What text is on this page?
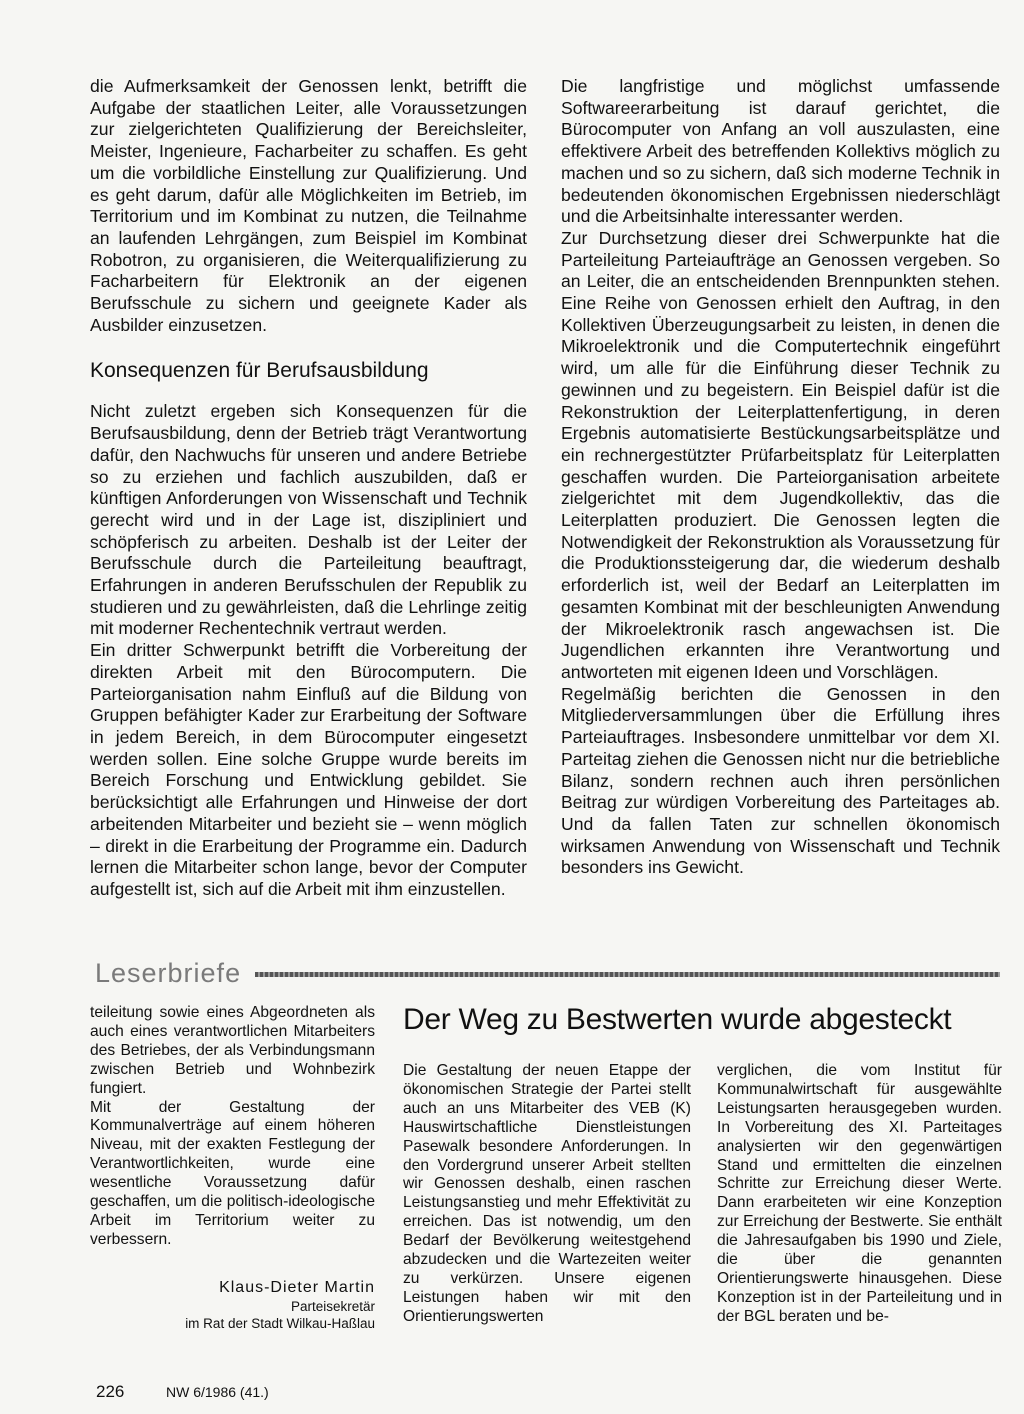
die Aufmerksamkeit der Genossen lenkt, betrifft die Aufgabe der staatlichen Leiter, alle Voraussetzungen zur zielgerichteten Qualifizierung der Bereichsleiter, Meister, Ingenieure, Facharbeiter zu schaffen. Es geht um die vorbildliche Einstellung zur Qualifizierung. Und es geht darum, dafür alle Möglichkeiten im Betrieb, im Territorium und im Kombinat zu nutzen, die Teilnahme an laufenden Lehrgängen, zum Beispiel im Kombinat Robotron, zu organisieren, die Weiterqualifizierung zu Facharbeitern für Elektronik an der eigenen Berufsschule zu sichern und geeignete Kader als Ausbilder einzusetzen.

Konsequenzen für Berufsausbildung

Nicht zuletzt ergeben sich Konsequenzen für die Berufsausbildung, denn der Betrieb trägt Verantwortung dafür, den Nachwuchs für unseren und andere Betriebe so zu erziehen und fachlich auszubilden, daß er künftigen Anforderungen von Wissenschaft und Technik gerecht wird und in der Lage ist, diszipliniert und schöpferisch zu arbeiten. Deshalb ist der Leiter der Berufsschule durch die Parteileitung beauftragt, Erfahrungen in anderen Berufsschulen der Republik zu studieren und zu gewährleisten, daß die Lehrlinge zeitig mit moderner Rechentechnik vertraut werden.

Ein dritter Schwerpunkt betrifft die Vorbereitung der direkten Arbeit mit den Bürocomputern. Die Parteiorganisation nahm Einfluß auf die Bildung von Gruppen befähigter Kader zur Erarbeitung der Software in jedem Bereich, in dem Bürocomputer eingesetzt werden sollen. Eine solche Gruppe wurde bereits im Bereich Forschung und Entwicklung gebildet. Sie berücksichtigt alle Erfahrungen und Hinweise der dort arbeitenden Mitarbeiter und bezieht sie – wenn möglich – direkt in die Erarbeitung der Programme ein. Dadurch lernen die Mitarbeiter schon lange, bevor der Computer aufgestellt ist, sich auf die Arbeit mit ihm einzustellen.

Die langfristige und möglichst umfassende Softwareerarbeitung ist darauf gerichtet, die Bürocomputer von Anfang an voll auszulasten, eine effektivere Arbeit des betreffenden Kollektivs möglich zu machen und so zu sichern, daß sich moderne Technik in bedeutenden ökonomischen Ergebnissen niederschlägt und die Arbeitsinhalte interessanter werden.

Zur Durchsetzung dieser drei Schwerpunkte hat die Parteileitung Parteiaufträge an Genossen vergeben. So an Leiter, die an entscheidenden Brennpunkten stehen. Eine Reihe von Genossen erhielt den Auftrag, in den Kollektiven Überzeugungsarbeit zu leisten, in denen die Mikroelektronik und die Computertechnik eingeführt wird, um alle für die Einführung dieser Technik zu gewinnen und zu begeistern. Ein Beispiel dafür ist die Rekonstruktion der Leiterplattenfertigung, in deren Ergebnis automatisierte Bestückungsarbeitsplätze und ein rechnergestützter Prüfarbeitsplatz für Leiterplatten geschaffen wurden. Die Parteiorganisation arbeitete zielgerichtet mit dem Jugendkollektiv, das die Leiterplatten produziert. Die Genossen legten die Notwendigkeit der Rekonstruktion als Voraussetzung für die Produktionssteigerung dar, die wiederum deshalb erforderlich ist, weil der Bedarf an Leiterplatten im gesamten Kombinat mit der beschleunigten Anwendung der Mikroelektronik rasch angewachsen ist. Die Jugendlichen erkannten ihre Verantwortung und antworteten mit eigenen Ideen und Vorschlägen.

Regelmäßig berichten die Genossen in den Mitgliederversammlungen über die Erfüllung ihres Parteiauftrages. Insbesondere unmittelbar vor dem XI. Parteitag ziehen die Genossen nicht nur die betriebliche Bilanz, sondern rechnen auch ihren persönlichen Beitrag zur würdigen Vorbereitung des Parteitages ab. Und da fallen Taten zur schnellen ökonomisch wirksamen Anwendung von Wissenschaft und Technik besonders ins Gewicht.

Leserbriefe

teileitung sowie eines Abgeordneten als auch eines verantwortlichen Mitarbeiters des Betriebes, der als Verbindungsmann zwischen Betrieb und Wohnbezirk fungiert.

Mit der Gestaltung der Kommunalverträge auf einem höheren Niveau, mit der exakten Festlegung der Verantwortlichkeiten, wurde eine wesentliche Voraussetzung dafür geschaffen, um die politisch-ideologische Arbeit im Territorium weiter zu verbessern.

Klaus-Dieter Martin
Parteisekretär
im Rat der Stadt Wilkau-Haßlau
Der Weg zu Bestwerten wurde abgesteckt

Die Gestaltung der neuen Etappe der ökonomischen Strategie der Partei stellt auch an uns Mitarbeiter des VEB (K) Hauswirtschaftliche Dienstleistungen Pasewalk besondere Anforderungen. In den Vordergrund unserer Arbeit stellten wir Genossen deshalb, einen raschen Leistungsanstieg und mehr Effektivität zu erreichen. Das ist notwendig, um den Bedarf der Bevölkerung weitestgehend abzudecken und die Wartezeiten weiter zu verkürzen. Unsere eigenen Leistungen haben wir mit den Orientierungswerten

verglichen, die vom Institut für Kommunalwirtschaft für ausgewählte Leistungsarten herausgegeben wurden. In Vorbereitung des XI. Parteitages analysierten wir den gegenwärtigen Stand und ermittelten die einzelnen Schritte zur Erreichung dieser Werte. Dann erarbeiteten wir eine Konzeption zur Erreichung der Bestwerte. Sie enthält die Jahresaufgaben bis 1990 und Ziele, die über die genannten Orientierungswerte hinausgehen. Diese Konzeption ist in der Parteileitung und in der BGL beraten und be-

226	NW 6/1986 (41.)
